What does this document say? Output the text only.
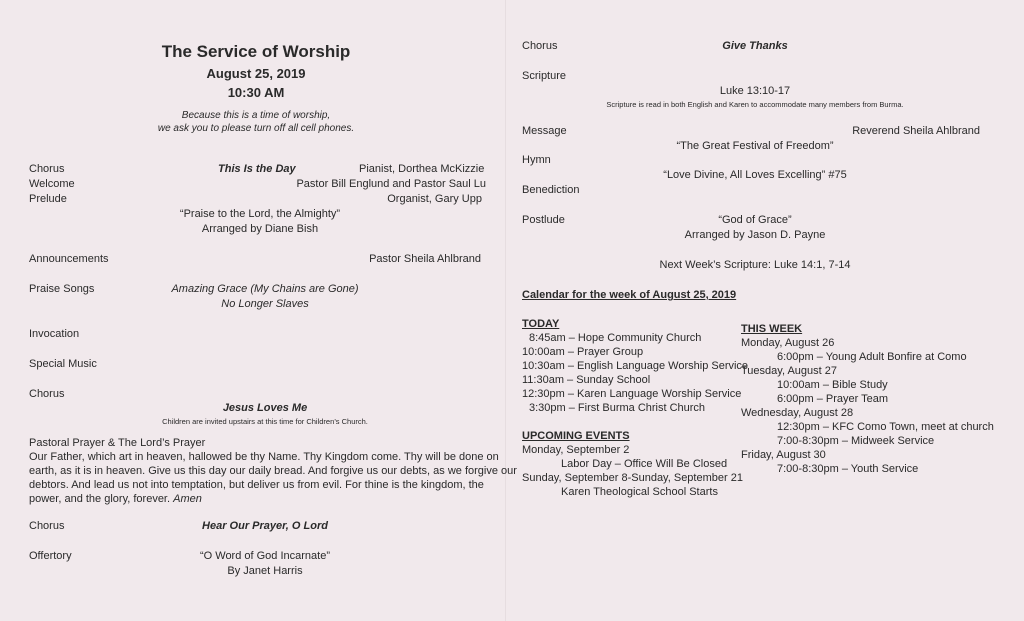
The Service of Worship
August 25, 2019
10:30 AM
Because this is a time of worship,
we ask you to please turn off all cell phones.
Chorus	This Is the Day	Pianist, Dorthea McKizzie
Welcome	Pastor Bill Englund and Pastor Saul Lu
Prelude	Organist, Gary Upp
“Praise to the Lord, the Almighty”
Arranged by Diane Bish
Announcements	Pastor Sheila Ahlbrand
Praise Songs	Amazing Grace (My Chains are Gone)
No Longer Slaves
Invocation
Special Music
Chorus
Jesus Loves Me
Children are invited upstairs at this time for Children’s Church.
Pastoral Prayer & The Lord’s Prayer
Our Father, which art in heaven, hallowed be thy Name. Thy Kingdom come. Thy will be done on
earth, as it is in heaven. Give us this day our daily bread. And forgive us our debts, as we forgive our
debtors. And lead us not into temptation, but deliver us from evil. For thine is the kingdom, the
power, and the glory, forever. Amen
Chorus	Hear Our Prayer, O Lord
Offertory	“O Word of God Incarnate”
By Janet Harris
Chorus	Give Thanks
Scripture
Luke 13:10-17
Scripture is read in both English and Karen to accommodate many members from Burma.
Message	Reverend Sheila Ahlbrand
“The Great Festival of Freedom”
Hymn
“Love Divine, All Loves Excelling” #75
Benediction
Postlude	“God of Grace”
Arranged by Jason D. Payne
Next Week’s Scripture: Luke 14:1, 7-14
Calendar for the week of August 25, 2019
TODAY
8:45am – Hope Community Church
10:00am – Prayer Group
10:30am – English Language Worship Service
11:30am – Sunday School
12:30pm – Karen Language Worship Service
3:30pm – First Burma Christ Church
UPCOMING EVENTS
Monday, September 2
Labor Day – Office Will Be Closed
Sunday, September 8-Sunday, September 21
Karen Theological School Starts
THIS WEEK
Monday, August 26
6:00pm – Young Adult Bonfire at Como
Tuesday, August 27
10:00am – Bible Study
6:00pm – Prayer Team
Wednesday, August 28
12:30pm – KFC Como Town, meet at church
7:00-8:30pm – Midweek Service
Friday, August 30
7:00-8:30pm – Youth Service
